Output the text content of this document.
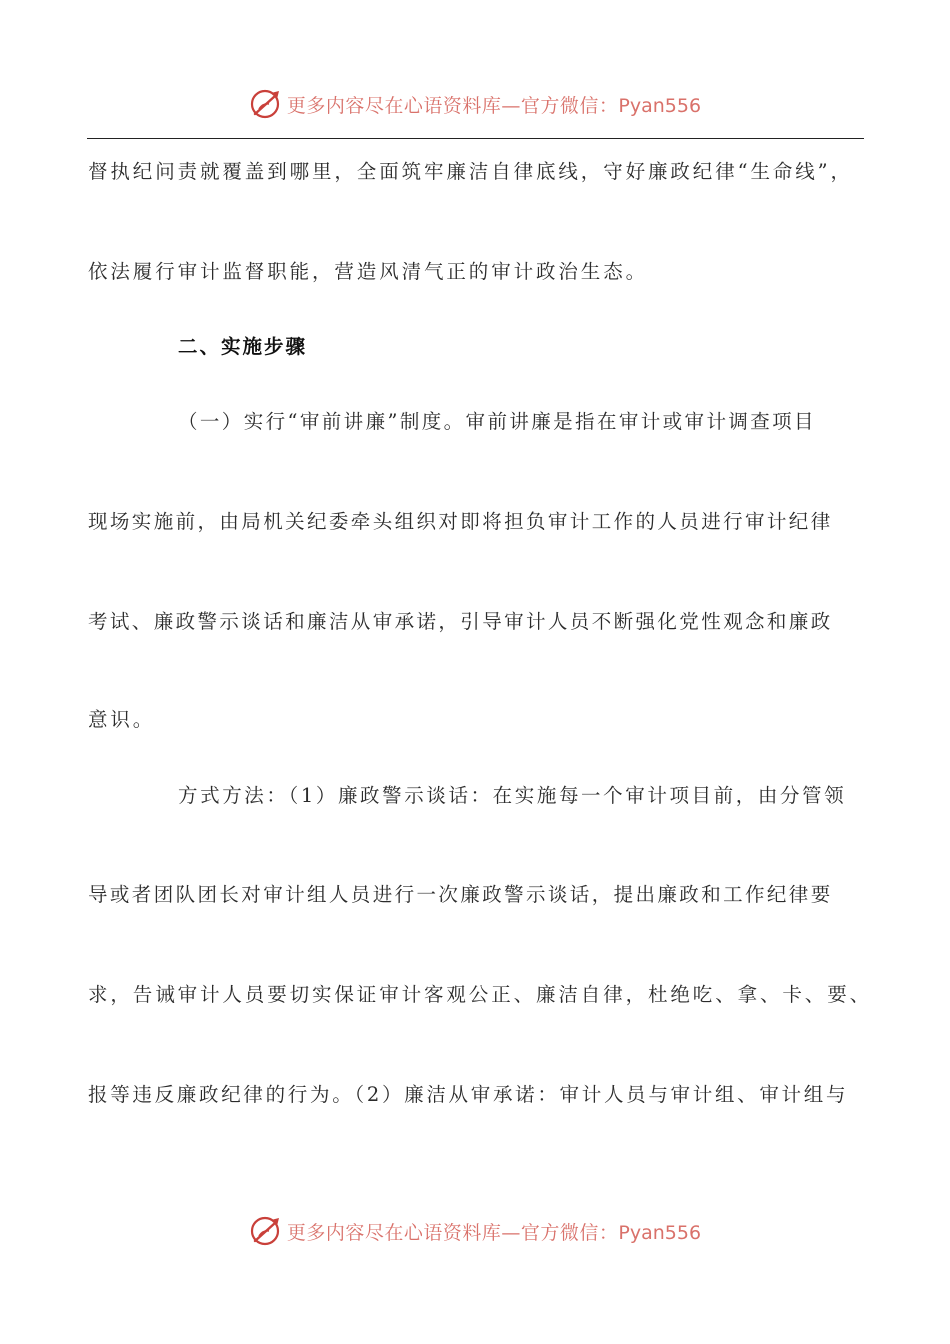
更多内容尽在心语资料库—官方微信：Pyan556
督执纪问责就覆盖到哪里，全面筑牢廉洁自律底线，守好廉政纪律“生命线”，
依法履行审计监督职能，营造风清气正的审计政治生态。
二、实施步骤
（一）实行“审前讲廉”制度。审前讲廉是指在审计或审计调查项目
现场实施前，由局机关纪委牵头组织对即将担负审计工作的人员进行审计纪律
考试、廉政警示谈话和廉洁从审承诺，引导审计人员不断强化党性观念和廉政
意识。
方式方法：（1）廉政警示谈话：在实施每一个审计项目前，由分管领
导或者团队团长对审计组人员进行一次廉政警示谈话，提出廉政和工作纪律要
求，告诫审计人员要切实保证审计客观公正、廉洁自律，杜绝吃、拿、卡、要、
报等违反廉政纪律的行为。（2）廉洁从审承诺：审计人员与审计组、审计组与
更多内容尽在心语资料库—官方微信：Pyan556
